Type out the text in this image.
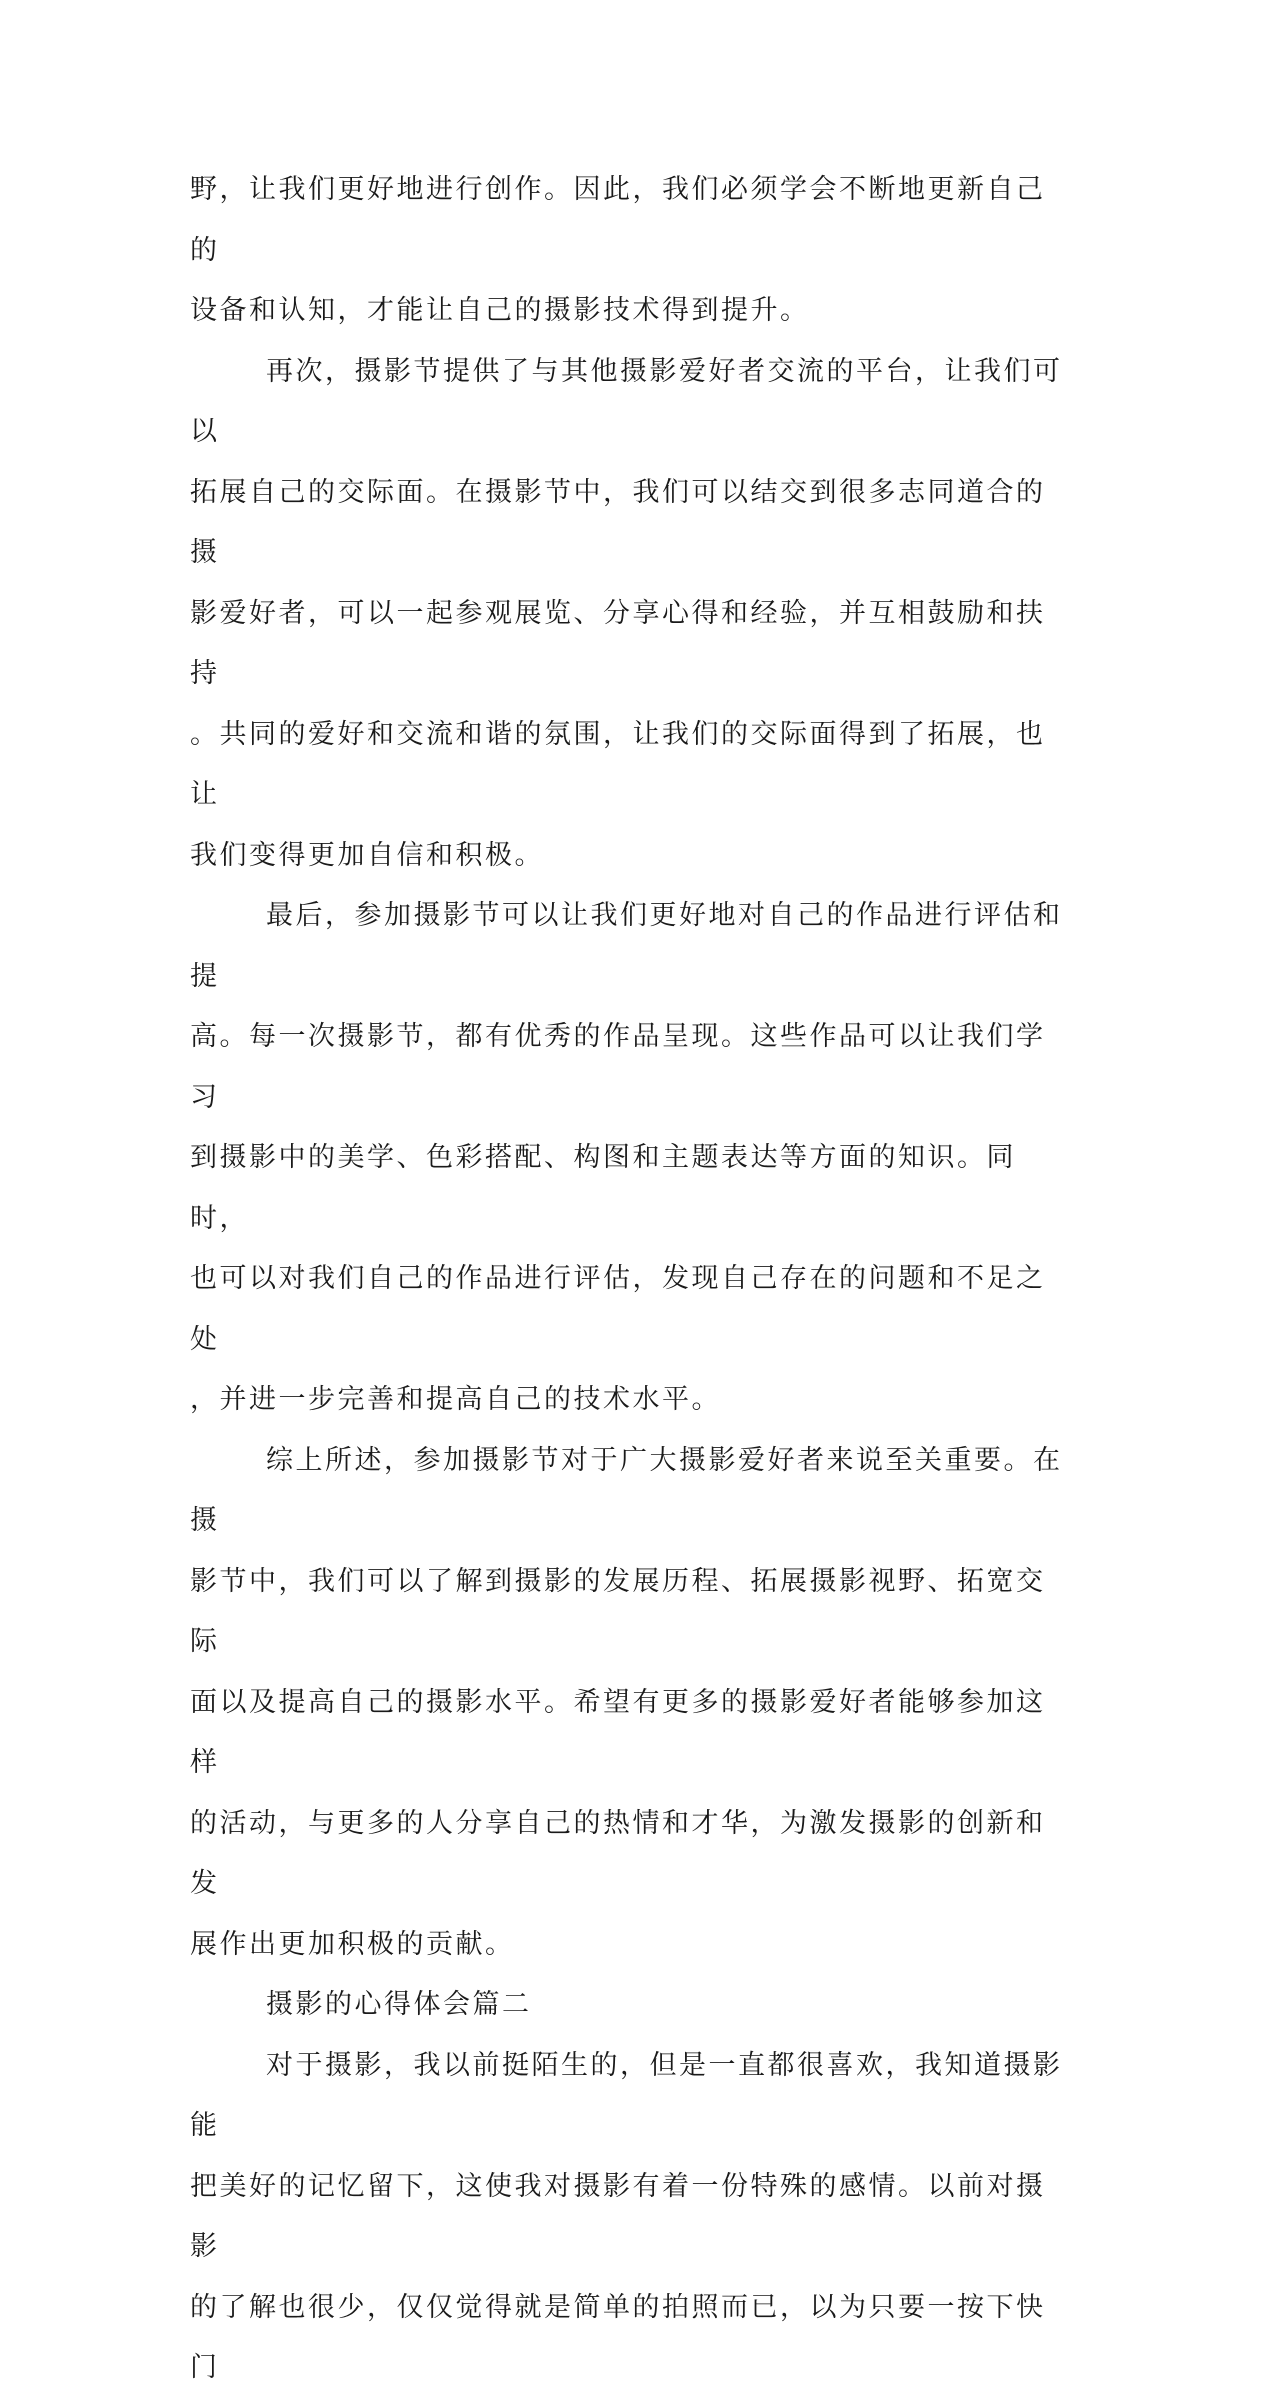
野，让我们更好地进行创作。因此，我们必须学会不断地更新自己的
设备和认知，才能让自己的摄影技术得到提升。

再次，摄影节提供了与其他摄影爱好者交流的平台，让我们可以
拓展自己的交际面。在摄影节中，我们可以结交到很多志同道合的摄
影爱好者，可以一起参观展览、分享心得和经验，并互相鼓励和扶持
。共同的爱好和交流和谐的氛围，让我们的交际面得到了拓展，也让
我们变得更加自信和积极。

最后，参加摄影节可以让我们更好地对自己的作品进行评估和提
高。每一次摄影节，都有优秀的作品呈现。这些作品可以让我们学习
到摄影中的美学、色彩搭配、构图和主题表达等方面的知识。同时，
也可以对我们自己的作品进行评估，发现自己存在的问题和不足之处
，并进一步完善和提高自己的技术水平。

综上所述，参加摄影节对于广大摄影爱好者来说至关重要。在摄
影节中，我们可以了解到摄影的发展历程、拓展摄影视野、拓宽交际
面以及提高自己的摄影水平。希望有更多的摄影爱好者能够参加这样
的活动，与更多的人分享自己的热情和才华，为激发摄影的创新和发
展作出更加积极的贡献。

摄影的心得体会篇二

对于摄影，我以前挺陌生的，但是一直都很喜欢，我知道摄影能
把美好的记忆留下，这使我对摄影有着一份特殊的感情。以前对摄影
的了解也很少，仅仅觉得就是简单的拍照而已，以为只要一按下快门
